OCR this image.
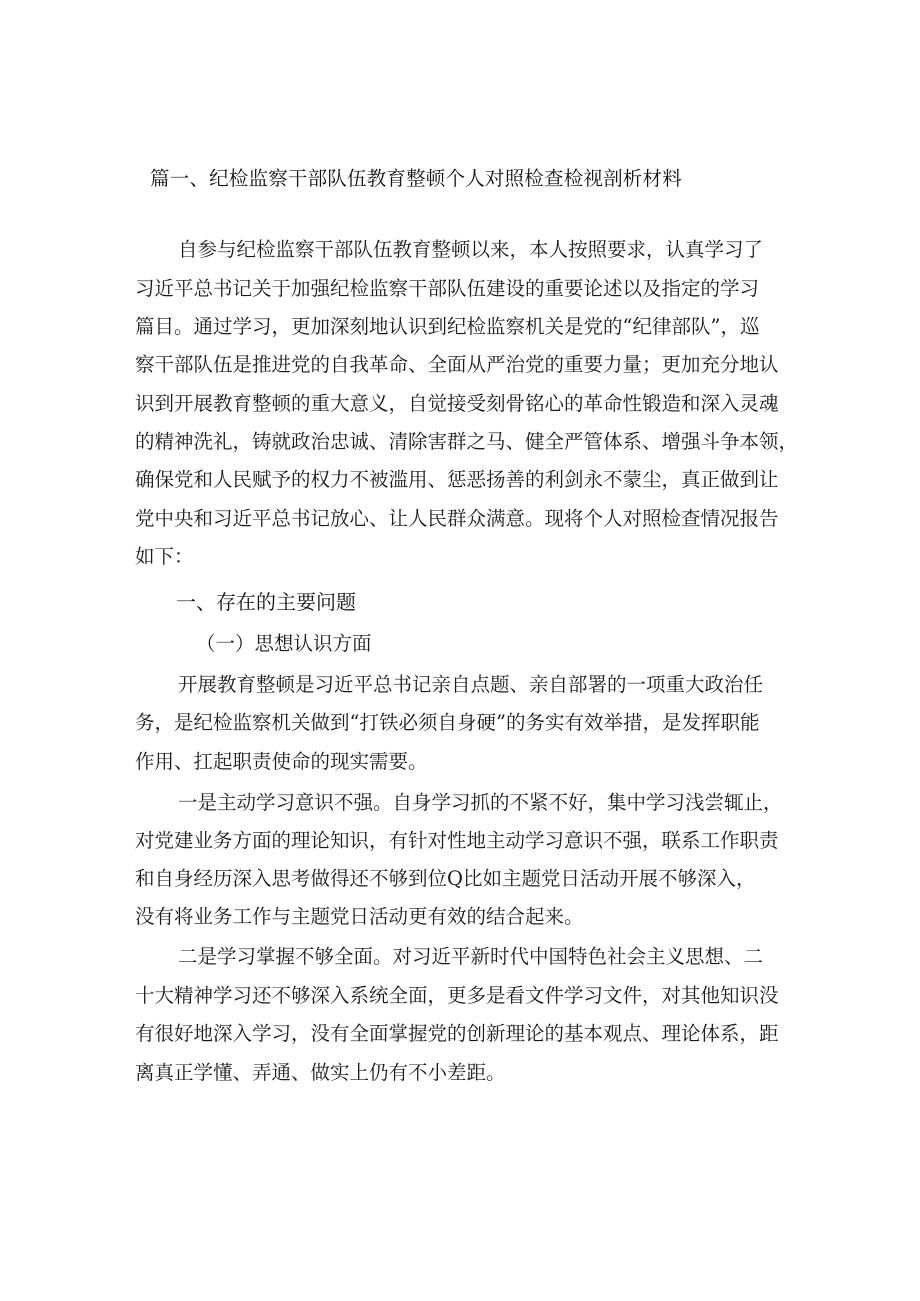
篇一、纪检监察干部队伍教育整顿个人对照检查检视剖析材料
自参与纪检监察干部队伍教育整顿以来，本人按照要求，认真学习了
习近平总书记关于加强纪检监察干部队伍建设的重要论述以及指定的学习
篇目。通过学习，更加深刻地认识到纪检监察机关是党的“纪律部队”，巡
察干部队伍是推进党的自我革命、全面从严治党的重要力量；更加充分地认
识到开展教育整顿的重大意义，自觉接受刻骨铭心的革命性锻造和深入灵魂
的精神洗礼，铸就政治忠诚、清除害群之马、健全严管体系、增强斗争本领，
确保党和人民赋予的权力不被滥用、惩恶扬善的利剑永不蒙尘，真正做到让
党中央和习近平总书记放心、让人民群众满意。现将个人对照检查情况报告
如下：
一、存在的主要问题
（一）思想认识方面
开展教育整顿是习近平总书记亲自点题、亲自部署的一项重大政治任
务，是纪检监察机关做到“打铁必须自身硬”的务实有效举措，是发挥职能
作用、扛起职责使命的现实需要。
一是主动学习意识不强。自身学习抓的不紧不好，集中学习浅尝辄止，
对党建业务方面的理论知识，有针对性地主动学习意识不强，联系工作职责
和自身经历深入思考做得还不够到位Q比如主题党日活动开展不够深入，
没有将业务工作与主题党日活动更有效的结合起来。
二是学习掌握不够全面。对习近平新时代中国特色社会主义思想、二
十大精神学习还不够深入系统全面，更多是看文件学习文件，对其他知识没
有很好地深入学习，没有全面掌握党的创新理论的基本观点、理论体系，距
离真正学懂、弄通、做实上仍有不小差距。
